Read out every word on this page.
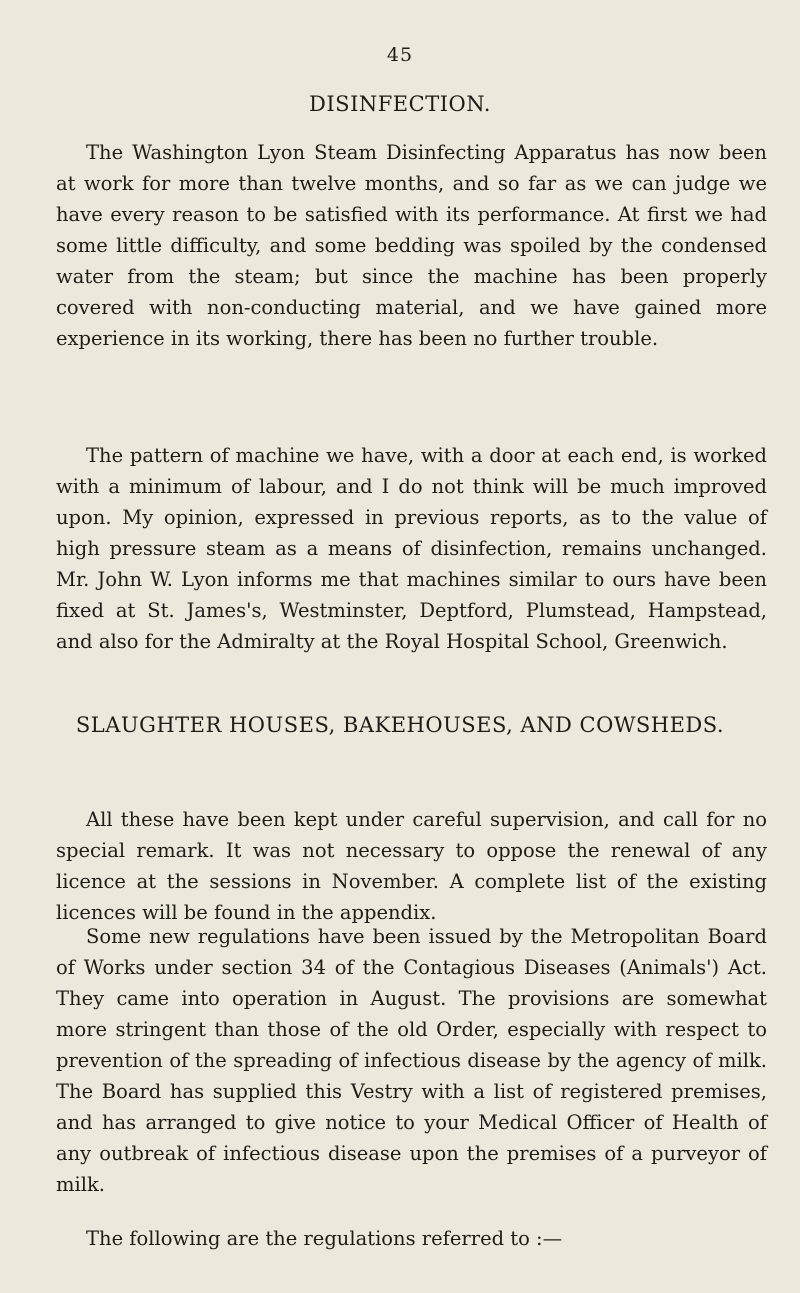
45
DISINFECTION.

The Washington Lyon Steam Disinfecting Apparatus has now been at work for more than twelve months, and so far as we can judge we have every reason to be satisfied with its performance. At first we had some little difficulty, and some bedding was spoiled by the condensed water from the steam; but since the machine has been properly covered with non-conducting material, and we have gained more experience in its working, there has been no further trouble.

The pattern of machine we have, with a door at each end, is worked with a minimum of labour, and I do not think will be much improved upon. My opinion, expressed in previous reports, as to the value of high pressure steam as a means of disinfection, remains unchanged. Mr. John W. Lyon informs me that machines similar to ours have been fixed at St. James's, Westminster, Deptford, Plumstead, Hampstead, and also for the Admiralty at the Royal Hospital School, Greenwich.

SLAUGHTER HOUSES, BAKEHOUSES, AND COWSHEDS.

All these have been kept under careful supervision, and call for no special remark. It was not necessary to oppose the renewal of any licence at the sessions in November. A complete list of the existing licences will be found in the appendix.

Some new regulations have been issued by the Metropolitan Board of Works under section 34 of the Contagious Diseases (Animals') Act. They came into operation in August. The provisions are somewhat more stringent than those of the old Order, especially with respect to prevention of the spreading of infectious disease by the agency of milk. The Board has supplied this Vestry with a list of registered premises, and has arranged to give notice to your Medical Officer of Health of any outbreak of infectious disease upon the premises of a purveyor of milk.

The following are the regulations referred to :—
